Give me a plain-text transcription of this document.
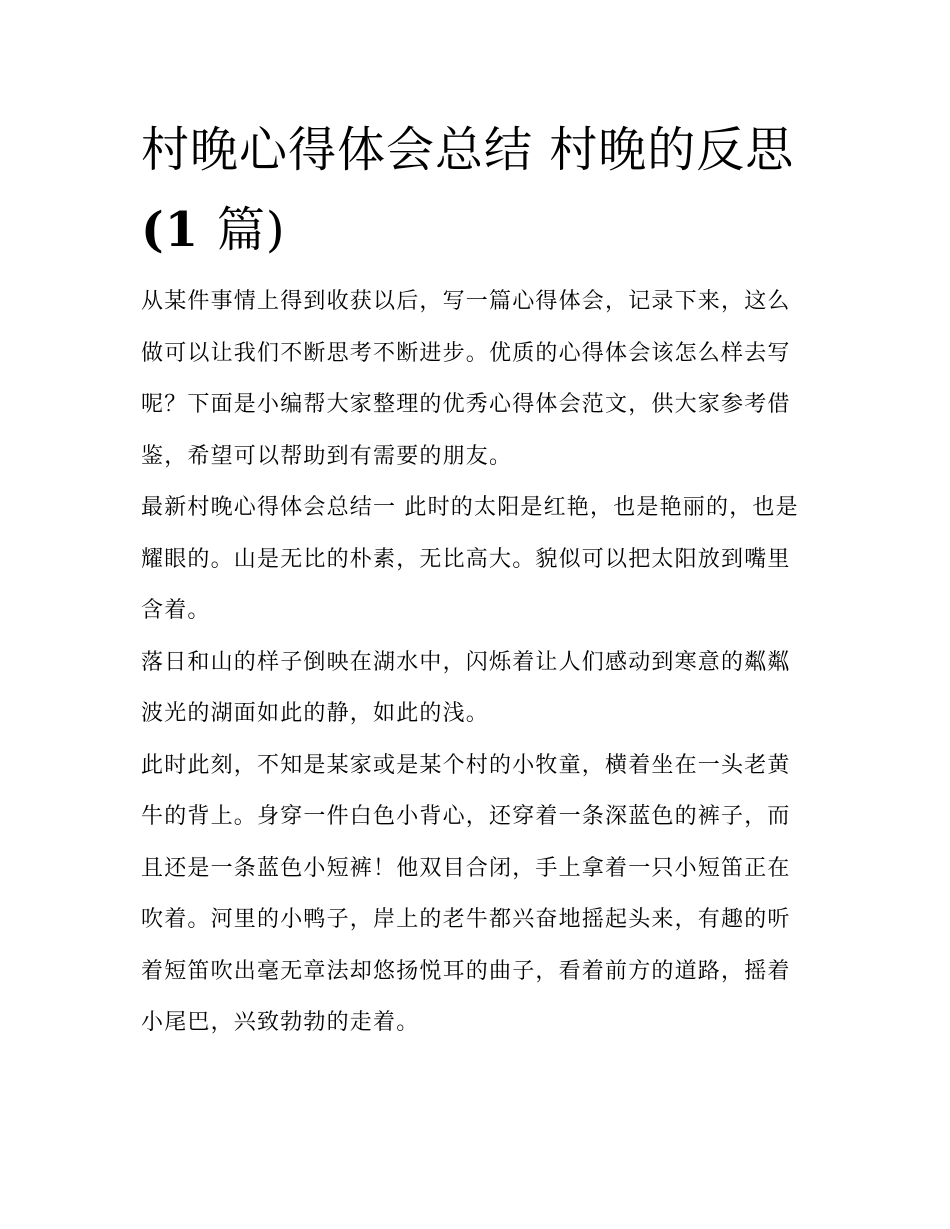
村晚心得体会总结 村晚的反思
(1 篇)

从某件事情上得到收获以后，写一篇心得体会，记录下来，这么做可以让我们不断思考不断进步。优质的心得体会该怎么样去写呢？下面是小编帮大家整理的优秀心得体会范文，供大家参考借鉴，希望可以帮助到有需要的朋友。

最新村晚心得体会总结一 此时的太阳是红艳，也是艳丽的，也是耀眼的。山是无比的朴素，无比高大。貌似可以把太阳放到嘴里含着。

落日和山的样子倒映在湖水中，闪烁着让人们感动到寒意的粼粼波光的湖面如此的静，如此的浅。

此时此刻，不知是某家或是某个村的小牧童，横着坐在一头老黄牛的背上。身穿一件白色小背心，还穿着一条深蓝色的裤子，而且还是一条蓝色小短裤！他双目合闭，手上拿着一只小短笛正在吹着。河里的小鸭子，岸上的老牛都兴奋地摇起头来，有趣的听着短笛吹出毫无章法却悠扬悦耳的曲子，看着前方的道路，摇着小尾巴，兴致勃勃的走着。
